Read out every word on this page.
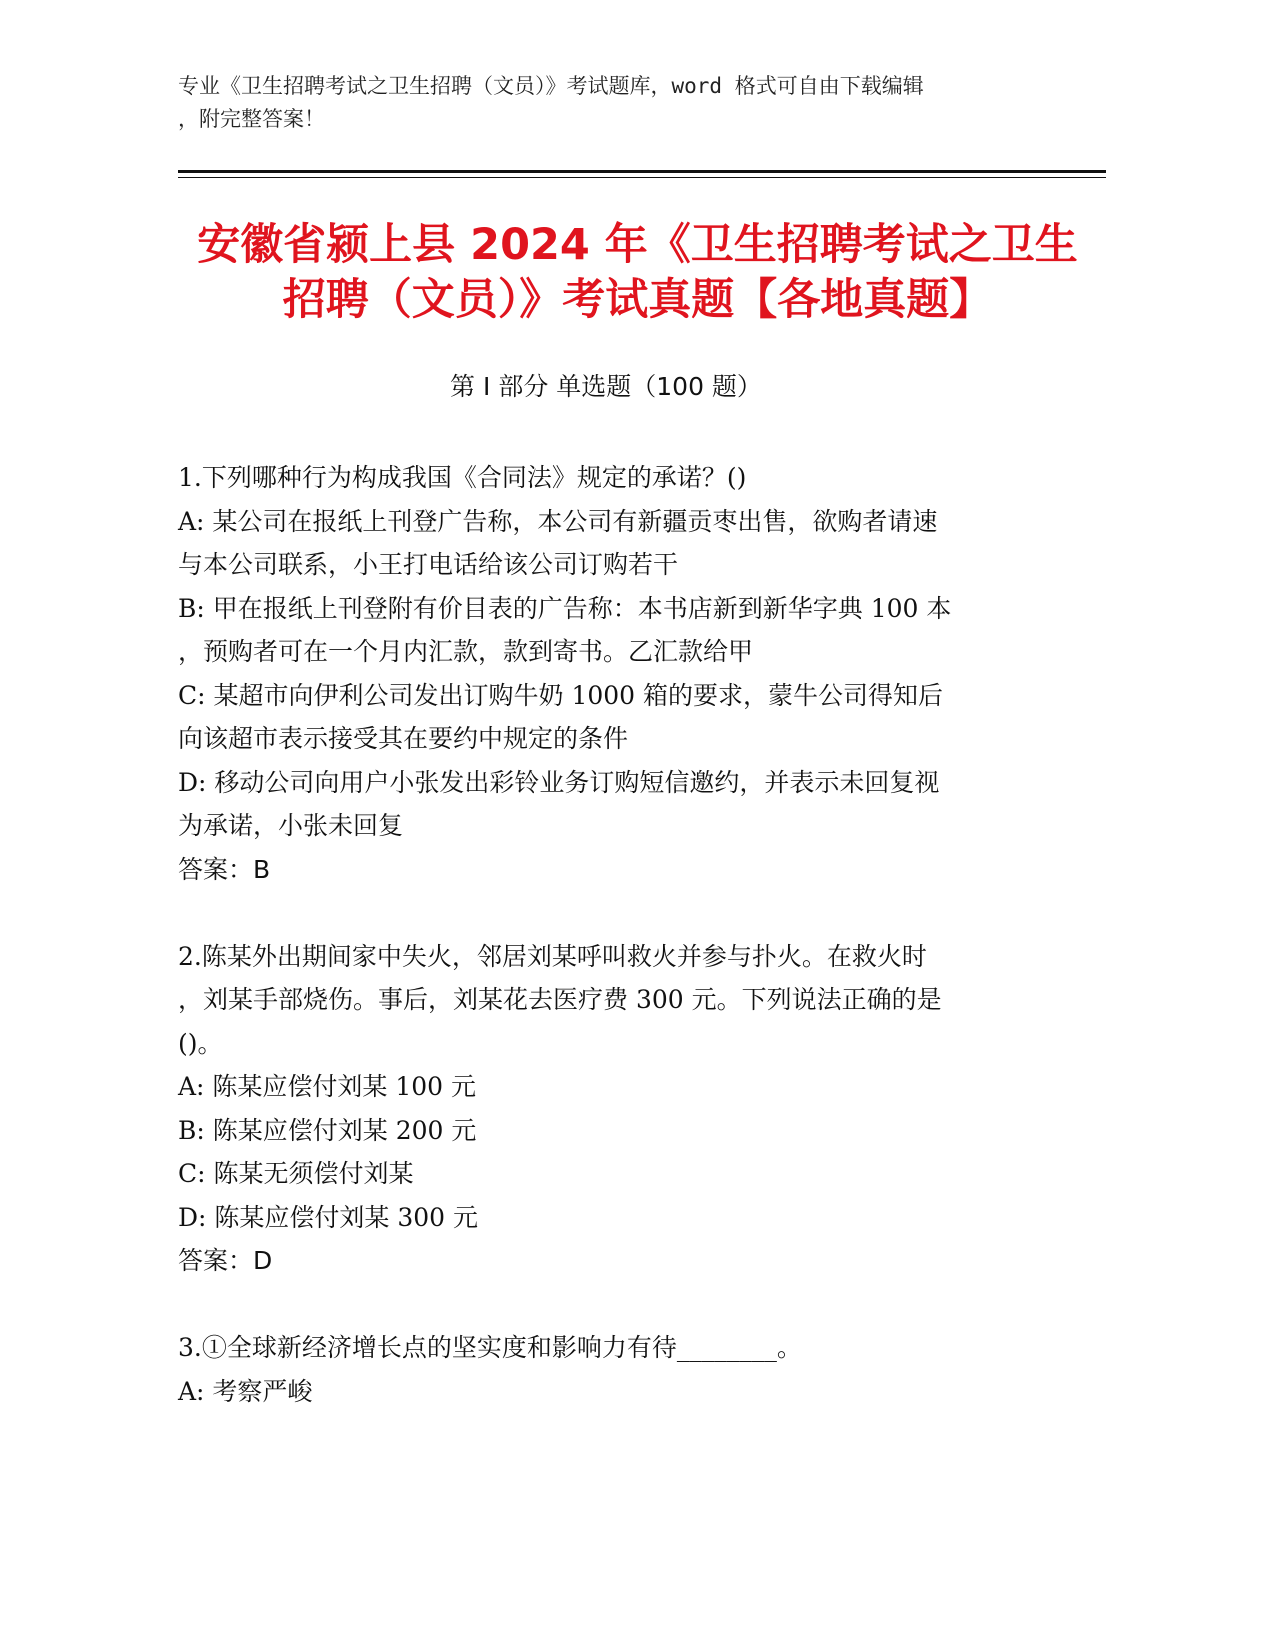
专业《卫生招聘考试之卫生招聘（文员）》考试题库，word 格式可自由下载编辑
，附完整答案！
安徽省颍上县 2024 年《卫生招聘考试之卫生
招聘（文员）》考试真题【各地真题】
第 I 部分 单选题（100 题）
1.下列哪种行为构成我国《合同法》规定的承诺？()
A: 某公司在报纸上刊登广告称，本公司有新疆贡枣出售，欲购者请速
与本公司联系，小王打电话给该公司订购若干
B: 甲在报纸上刊登附有价目表的广告称：本书店新到新华字典 100 本
，预购者可在一个月内汇款，款到寄书。乙汇款给甲
C: 某超市向伊利公司发出订购牛奶 1000 箱的要求，蒙牛公司得知后
向该超市表示接受其在要约中规定的条件
D: 移动公司向用户小张发出彩铃业务订购短信邀约，并表示未回复视
为承诺，小张未回复
答案：B
2.陈某外出期间家中失火，邻居刘某呼叫救火并参与扑火。在救火时
，刘某手部烧伤。事后，刘某花去医疗费 300 元。下列说法正确的是
()。
A: 陈某应偿付刘某 100 元
B: 陈某应偿付刘某 200 元
C: 陈某无须偿付刘某
D: 陈某应偿付刘某 300 元
答案：D
3.①全球新经济增长点的坚实度和影响力有待________。
A: 考察严峻
